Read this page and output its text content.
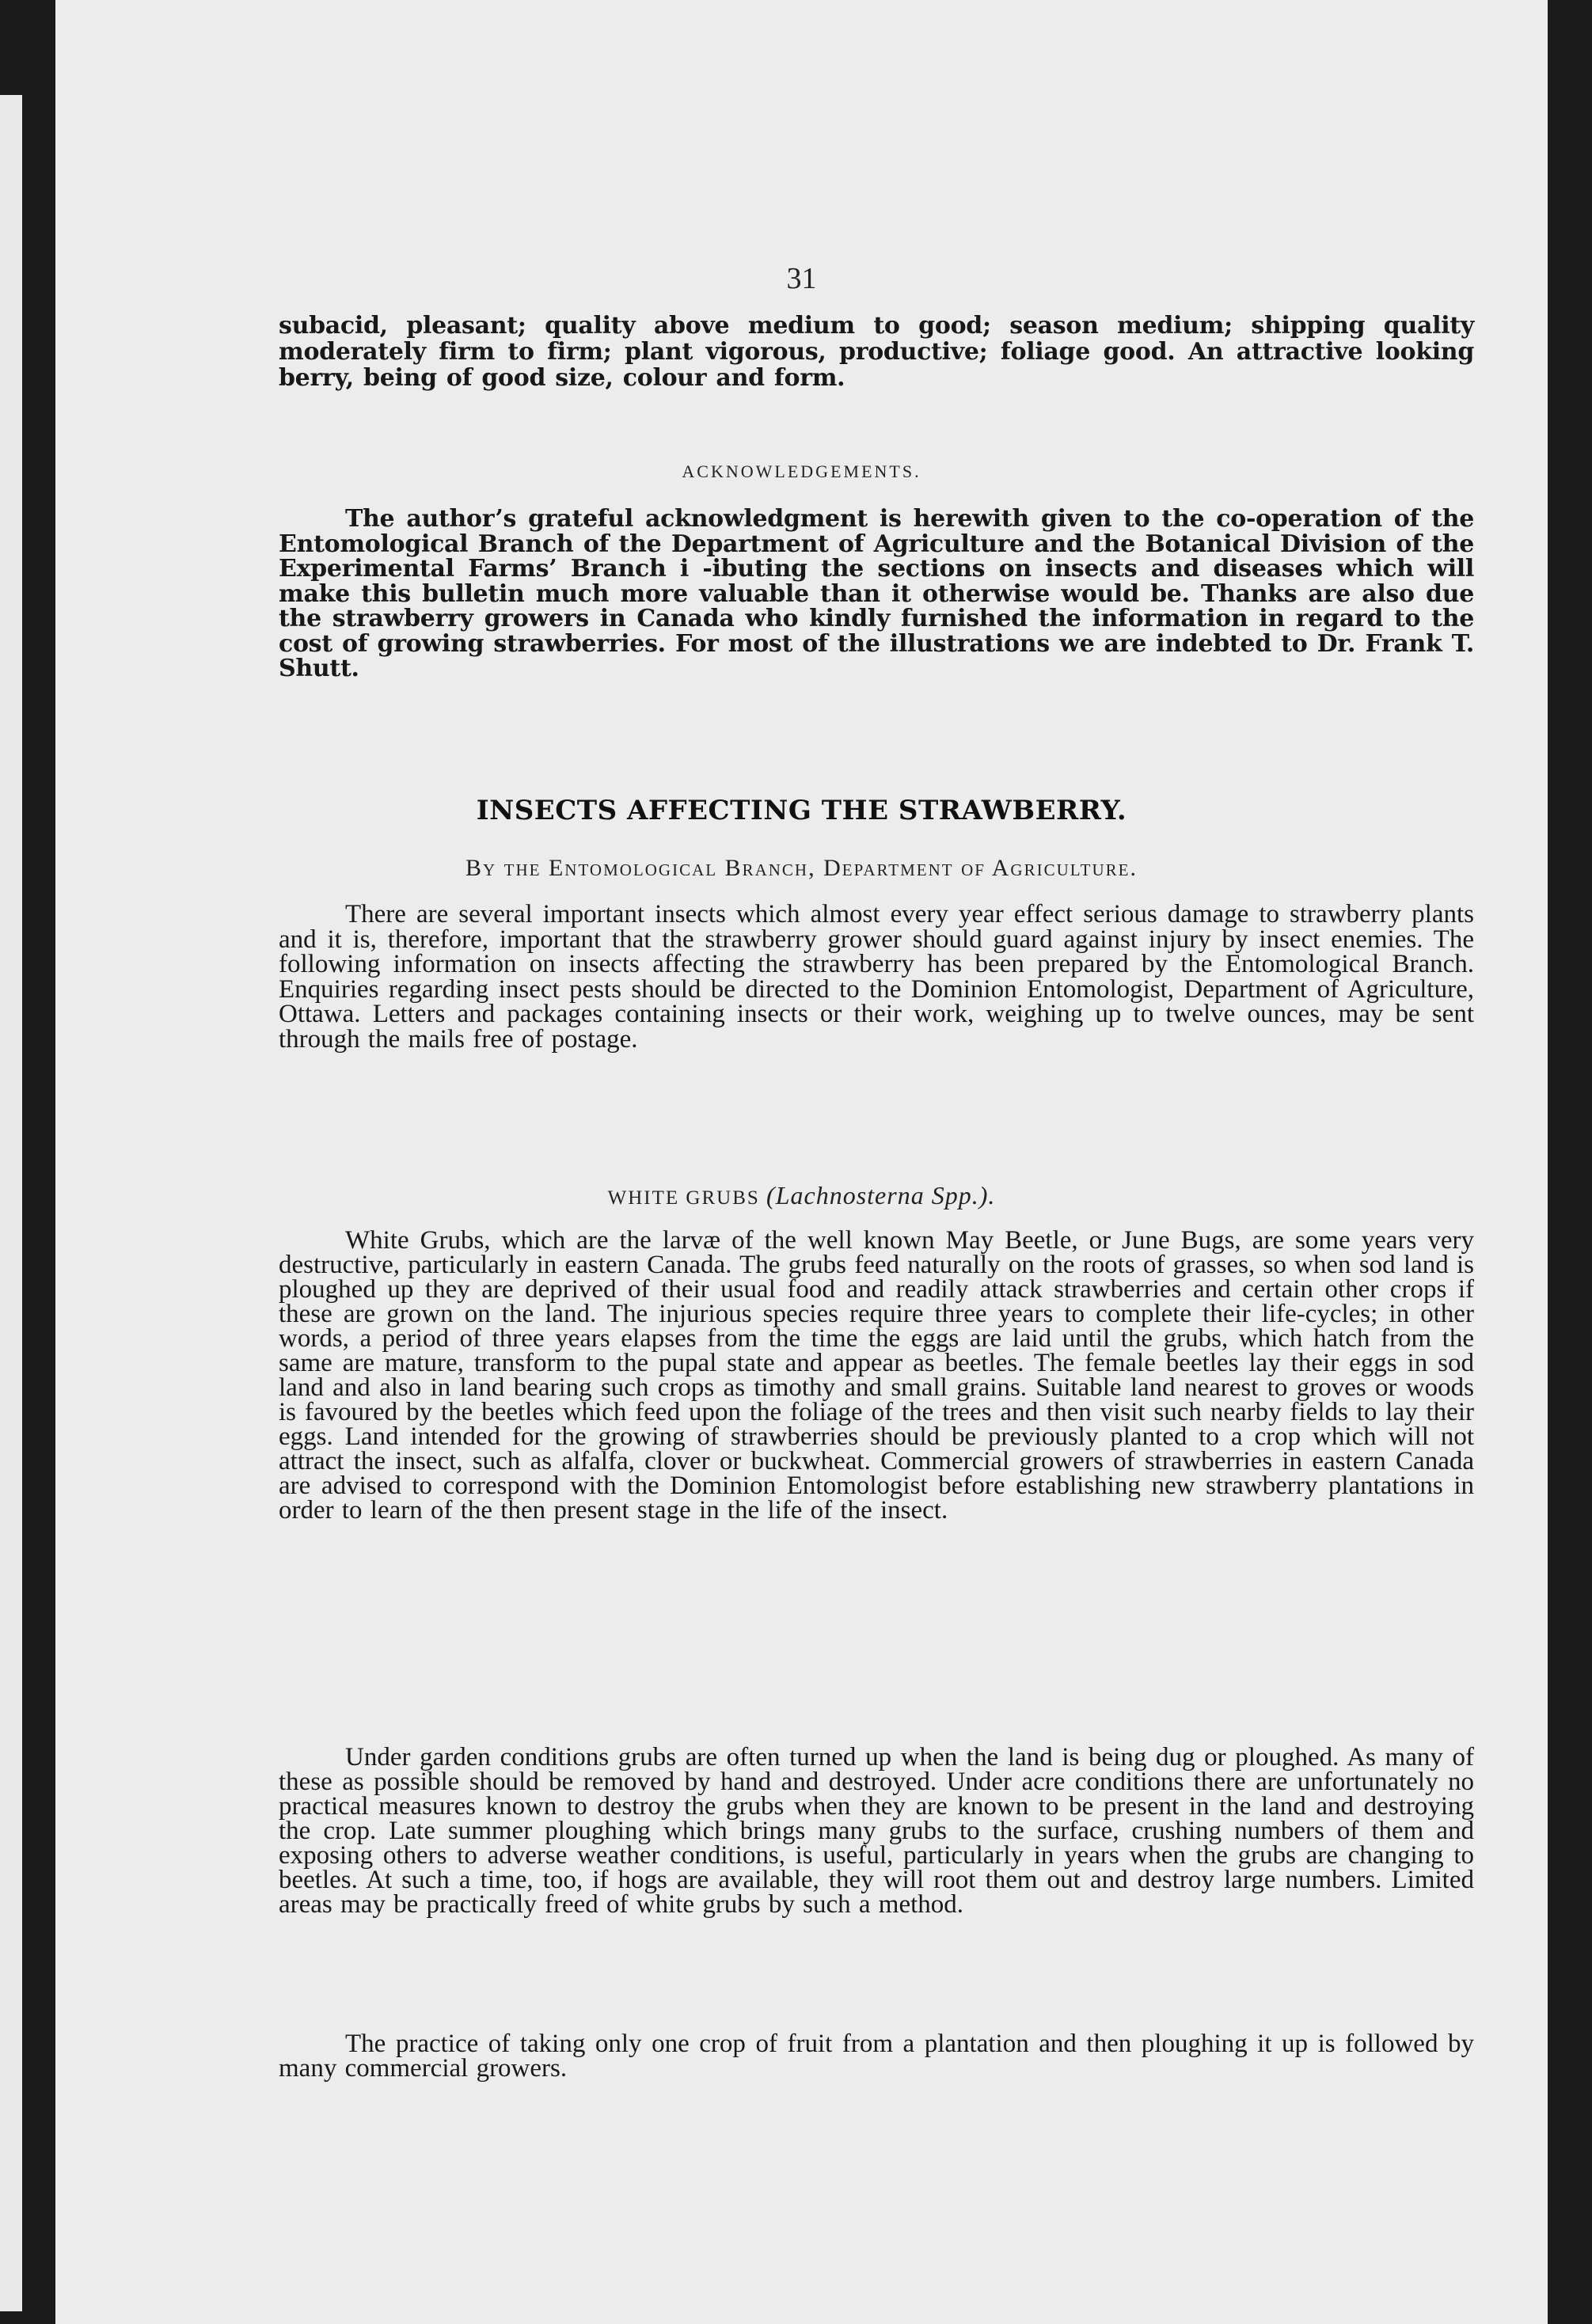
31
subacid, pleasant; quality above medium to good; season medium; shipping quality moderately firm to firm; plant vigorous, productive; foliage good. An attractive looking berry, being of good size, colour and form.
ACKNOWLEDGEMENTS.
The author’s grateful acknowledgment is herewith given to the co-operation of the Entomological Branch of the Department of Agriculture and the Botanical Division of the Experimental Farms’ Branch i -ibuting the sections on insects and diseases which will make this bulletin much more valuable than it otherwise would be. Thanks are also due the strawberry growers in Canada who kindly furnished the information in regard to the cost of growing strawberries. For most of the illustrations we are indebted to Dr. Frank T. Shutt.
INSECTS AFFECTING THE STRAWBERRY.
By the Entomological Branch, Department of Agriculture.
There are several important insects which almost every year effect serious damage to strawberry plants and it is, therefore, important that the strawberry grower should guard against injury by insect enemies. The following information on insects affecting the strawberry has been prepared by the Entomological Branch. Enquiries regarding insect pests should be directed to the Dominion Entomologist, Department of Agriculture, Ottawa. Letters and packages containing insects or their work, weighing up to twelve ounces, may be sent through the mails free of postage.
WHITE GRUBS (Lachnosterna Spp.).
White Grubs, which are the larvæ of the well known May Beetle, or June Bugs, are some years very destructive, particularly in eastern Canada. The grubs feed naturally on the roots of grasses, so when sod land is ploughed up they are deprived of their usual food and readily attack strawberries and certain other crops if these are grown on the land. The injurious species require three years to complete their life-cycles; in other words, a period of three years elapses from the time the eggs are laid until the grubs, which hatch from the same are mature, transform to the pupal state and appear as beetles. The female beetles lay their eggs in sod land and also in land bearing such crops as timothy and small grains. Suitable land nearest to groves or woods is favoured by the beetles which feed upon the foliage of the trees and then visit such nearby fields to lay their eggs. Land intended for the growing of strawberries should be previously planted to a crop which will not attract the insect, such as alfalfa, clover or buckwheat. Commercial growers of strawberries in eastern Canada are advised to correspond with the Dominion Entomologist before establishing new strawberry plantations in order to learn of the then present stage in the life of the insect.
Under garden conditions grubs are often turned up when the land is being dug or ploughed. As many of these as possible should be removed by hand and destroyed. Under acre conditions there are unfortunately no practical measures known to destroy the grubs when they are known to be present in the land and destroying the crop. Late summer ploughing which brings many grubs to the surface, crushing numbers of them and exposing others to adverse weather conditions, is useful, particularly in years when the grubs are changing to beetles. At such a time, too, if hogs are available, they will root them out and destroy large numbers. Limited areas may be practically freed of white grubs by such a method.
The practice of taking only one crop of fruit from a plantation and then ploughing it up is followed by many commercial growers.
